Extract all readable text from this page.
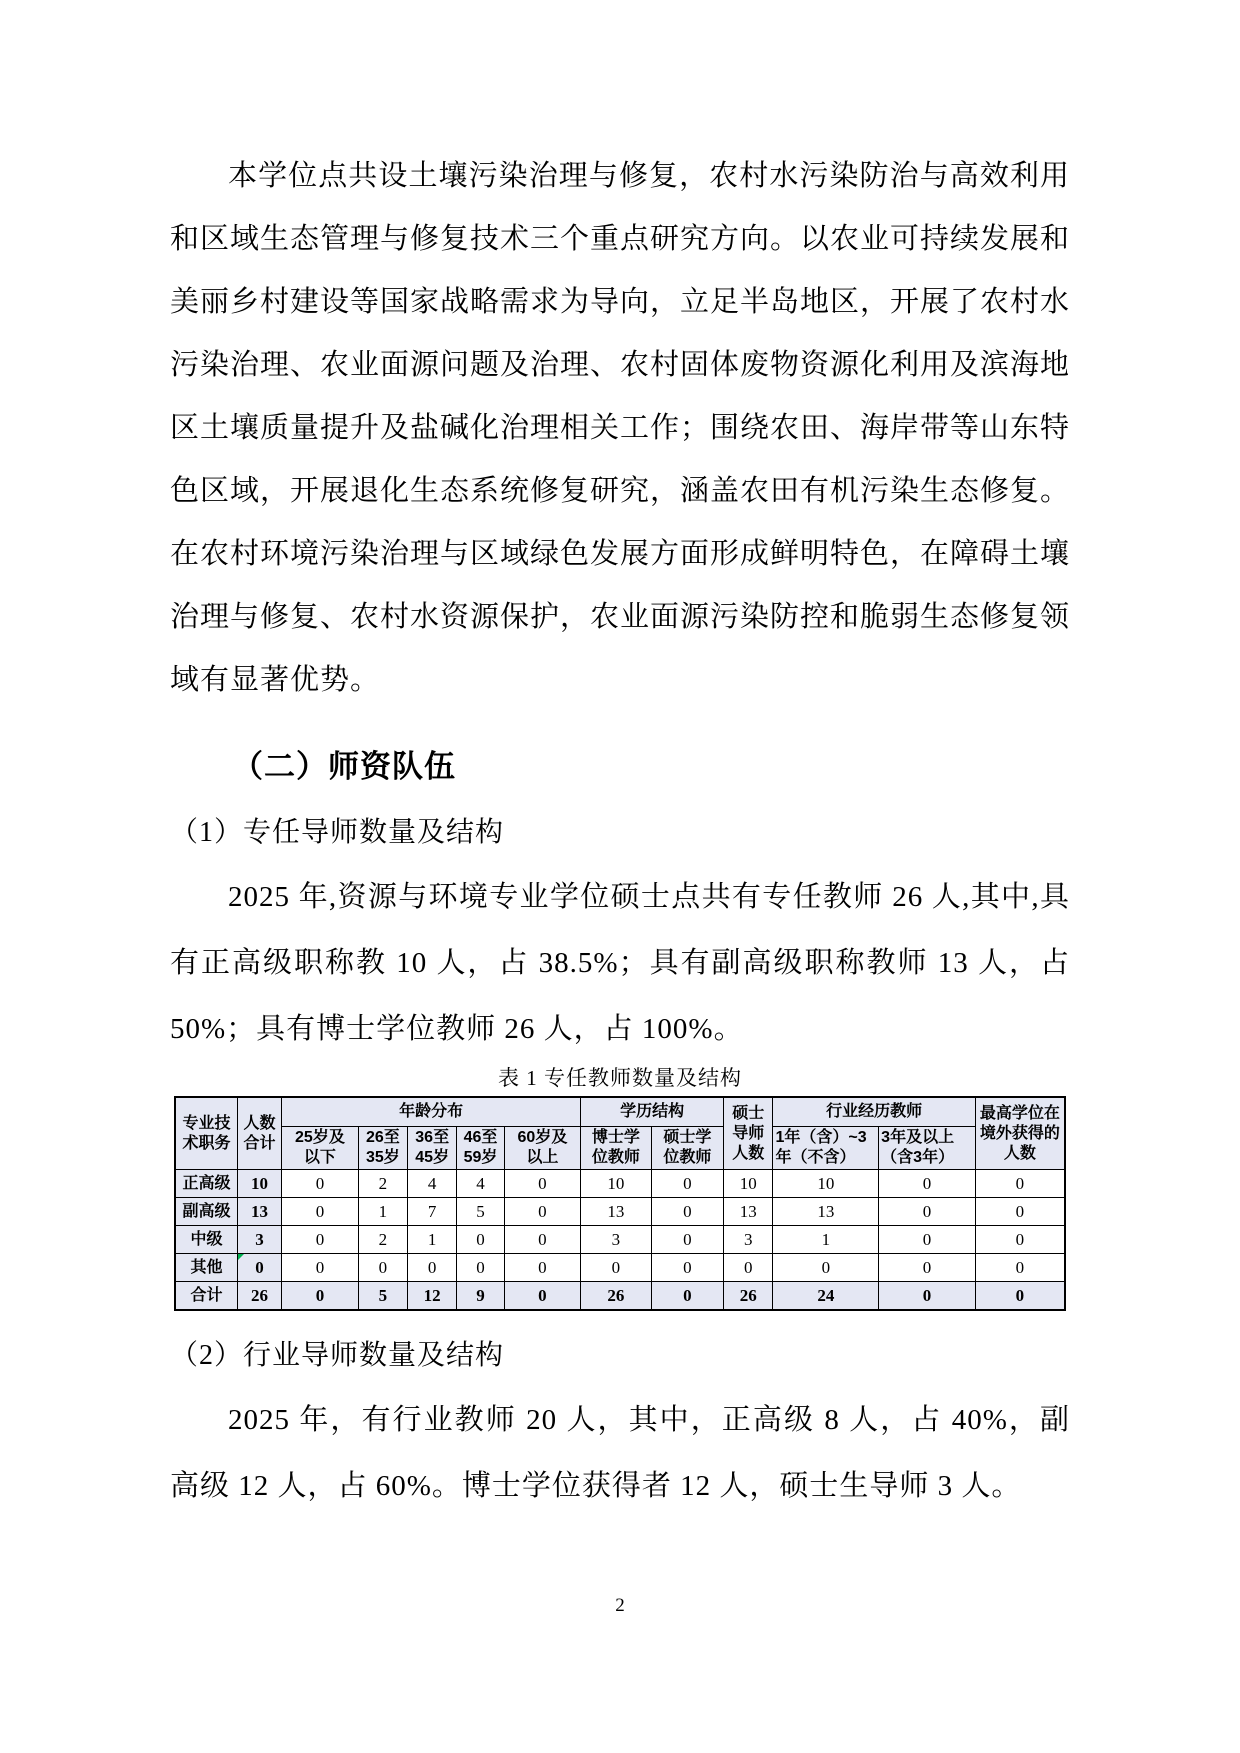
本学位点共设土壤污染治理与修复，农村水污染防治与高效利用和区域生态管理与修复技术三个重点研究方向。以农业可持续发展和美丽乡村建设等国家战略需求为导向，立足半岛地区，开展了农村水污染治理、农业面源问题及治理、农村固体废物资源化利用及滨海地区土壤质量提升及盐碱化治理相关工作；围绕农田、海岸带等山东特色区域，开展退化生态系统修复研究，涵盖农田有机污染生态修复。在农村环境污染治理与区域绿色发展方面形成鲜明特色，在障碍土壤治理与修复、农村水资源保护，农业面源污染防控和脆弱生态修复领域有显著优势。

（二）师资队伍
（1）专任导师数量及结构

2025 年,资源与环境专业学位硕士点共有专任教师 26 人,其中,具有正高级职称教 10 人，占 38.5%；具有副高级职称教师 13 人，占 50%；具有博士学位教师 26 人，占 100%。

表 1 专任教师数量及结构
专业技术职务	人数合计	年龄分布					学历结构		硕士导师人数	行业经历教师		最高学位在境外获得的人数
		25岁及以下	26至35岁	36至45岁	46至59岁	60岁及以上	博士学位教师	硕士学位教师		1年（含）~3年（不含）	3年及以上（含3年）	
正高级	10	0	2	4	4	0	10	0	10	10	0	0
副高级	13	0	1	7	5	0	13	0	13	13	0	0
中级	3	0	2	1	0	0	3	0	3	1	0	0
其他	0	0	0	0	0	0	0	0	0	0	0	0
合计	26	0	5	12	9	0	26	0	26	24	0	0
（2）行业导师数量及结构

2025 年，有行业教师 20 人，其中，正高级 8 人，占 40%，副高级 12 人，占 60%。博士学位获得者 12 人，硕士生导师 3 人。

2
